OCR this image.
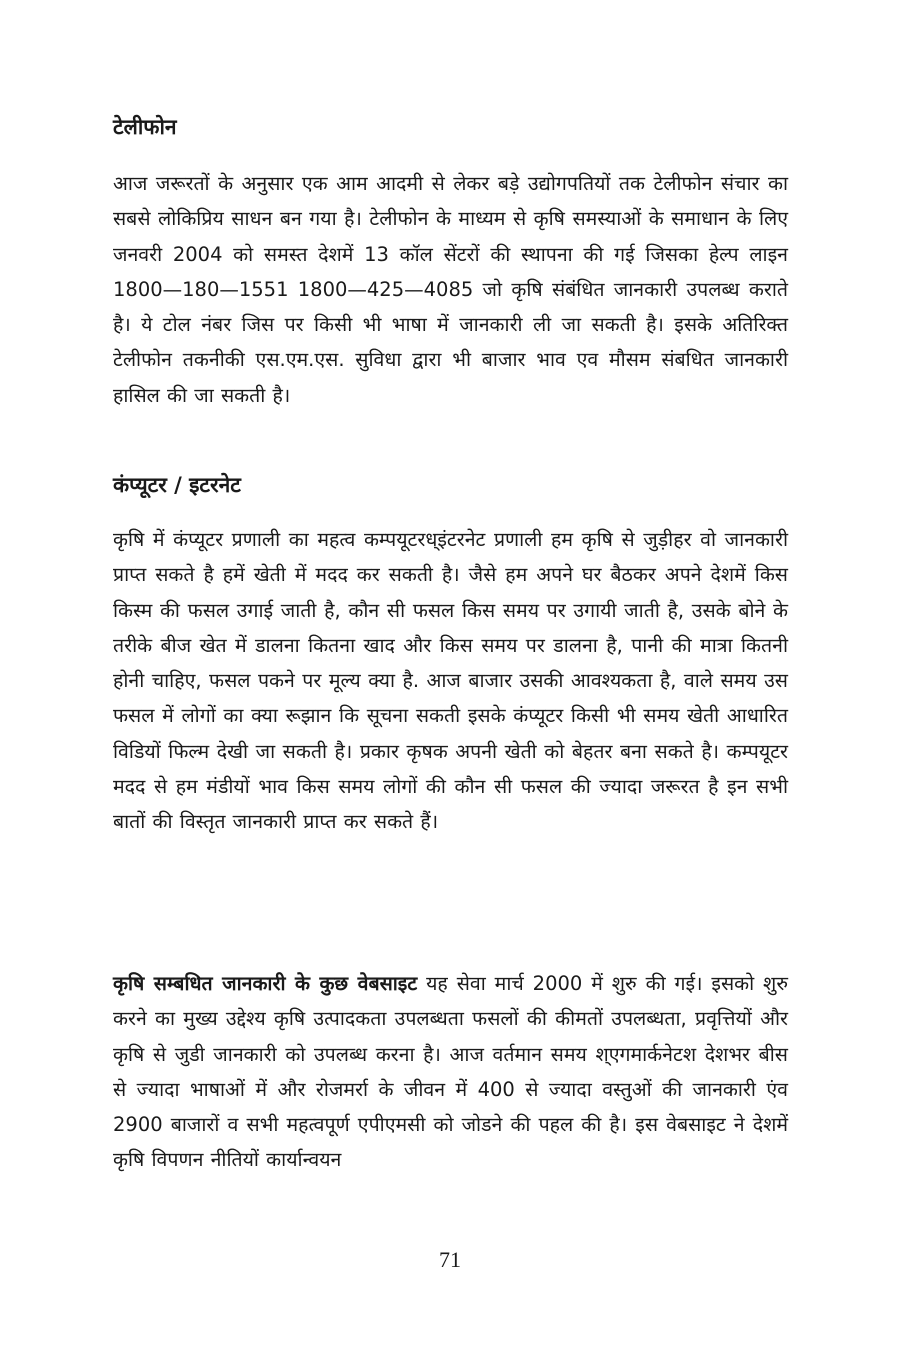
टेलीफोन

आज जरूरतों के अनुसार एक आम आदमी से लेकर बड़े उद्योगपतियों तक टेलीफोन संचार का सबसे लोकिप्रिय साधन बन गया है। टेलीफोन के माध्यम से कृषि समस्याओं के समाधान के लिए जनवरी 2004 को समस्त देशमें 13 कॉल सेंटरों की स्थापना की गई जिसका हेल्प लाइन 1800—180—1551 1800—425—4085 जो कृषि संबंधित जानकारी उपलब्ध कराते है। ये टोल नंबर जिस पर किसी भी भाषा में जानकारी ली जा सकती है। इसके अतिरिक्त टेलीफोन तकनीकी एस.एम.एस. सुविधा द्वारा भी बाजार भाव एव मौसम संबधित जानकारी हासिल की जा सकती है।

कंप्यूटर / इटरनेट

कृषि में कंप्यूटर प्रणाली का महत्व कम्पयूटरध्इंटरनेट प्रणाली हम कृषि से जुड़ीहर वो जानकारी प्राप्त सकते है हमें खेती में मदद कर सकती है। जैसे हम अपने घर बैठकर अपने देशमें किस किस्म की फसल उगाई जाती है, कौन सी फसल किस समय पर उगायी जाती है, उसके बोने के तरीके बीज खेत में डालना कितना खाद और किस समय पर डालना है, पानी की मात्रा कितनी होनी चाहिए, फसल पकने पर मूल्य क्या है. आज बाजार उसकी आवश्यकता है, वाले समय उस फसल में लोगों का क्या रूझान कि सूचना सकती इसके कंप्यूटर किसी भी समय खेती आधारित विडियों फिल्म देखी जा सकती है। प्रकार कृषक अपनी खेती को बेहतर बना सकते है। कम्पयूटर मदद से हम मंडीयों भाव किस समय लोगों की कौन सी फसल की ज्यादा जरूरत है इन सभी बातों की विस्तृत जानकारी प्राप्त कर सकते हैं।

कृषि सम्बधित जानकारी के कुछ वेबसाइट यह सेवा मार्च 2000 में शुरु की गई। इसको शुरु करने का मुख्य उद्देश्य कृषि उत्पादकता उपलब्धता फसलों की कीमतों उपलब्धता, प्रवृत्तियों और कृषि से जुडी जानकारी को उपलब्ध करना है। आज वर्तमान समय श्एगमार्कनेटश देशभर बीस से ज्यादा भाषाओं में और रोजमर्रा के जीवन में 400 से ज्यादा वस्तुओं की जानकारी एंव 2900 बाजारों व सभी महत्वपूर्ण एपीएमसी को जोडने की पहल की है। इस वेबसाइट ने देशमें कृषि विपणन नीतियों कार्यान्वयन

71
